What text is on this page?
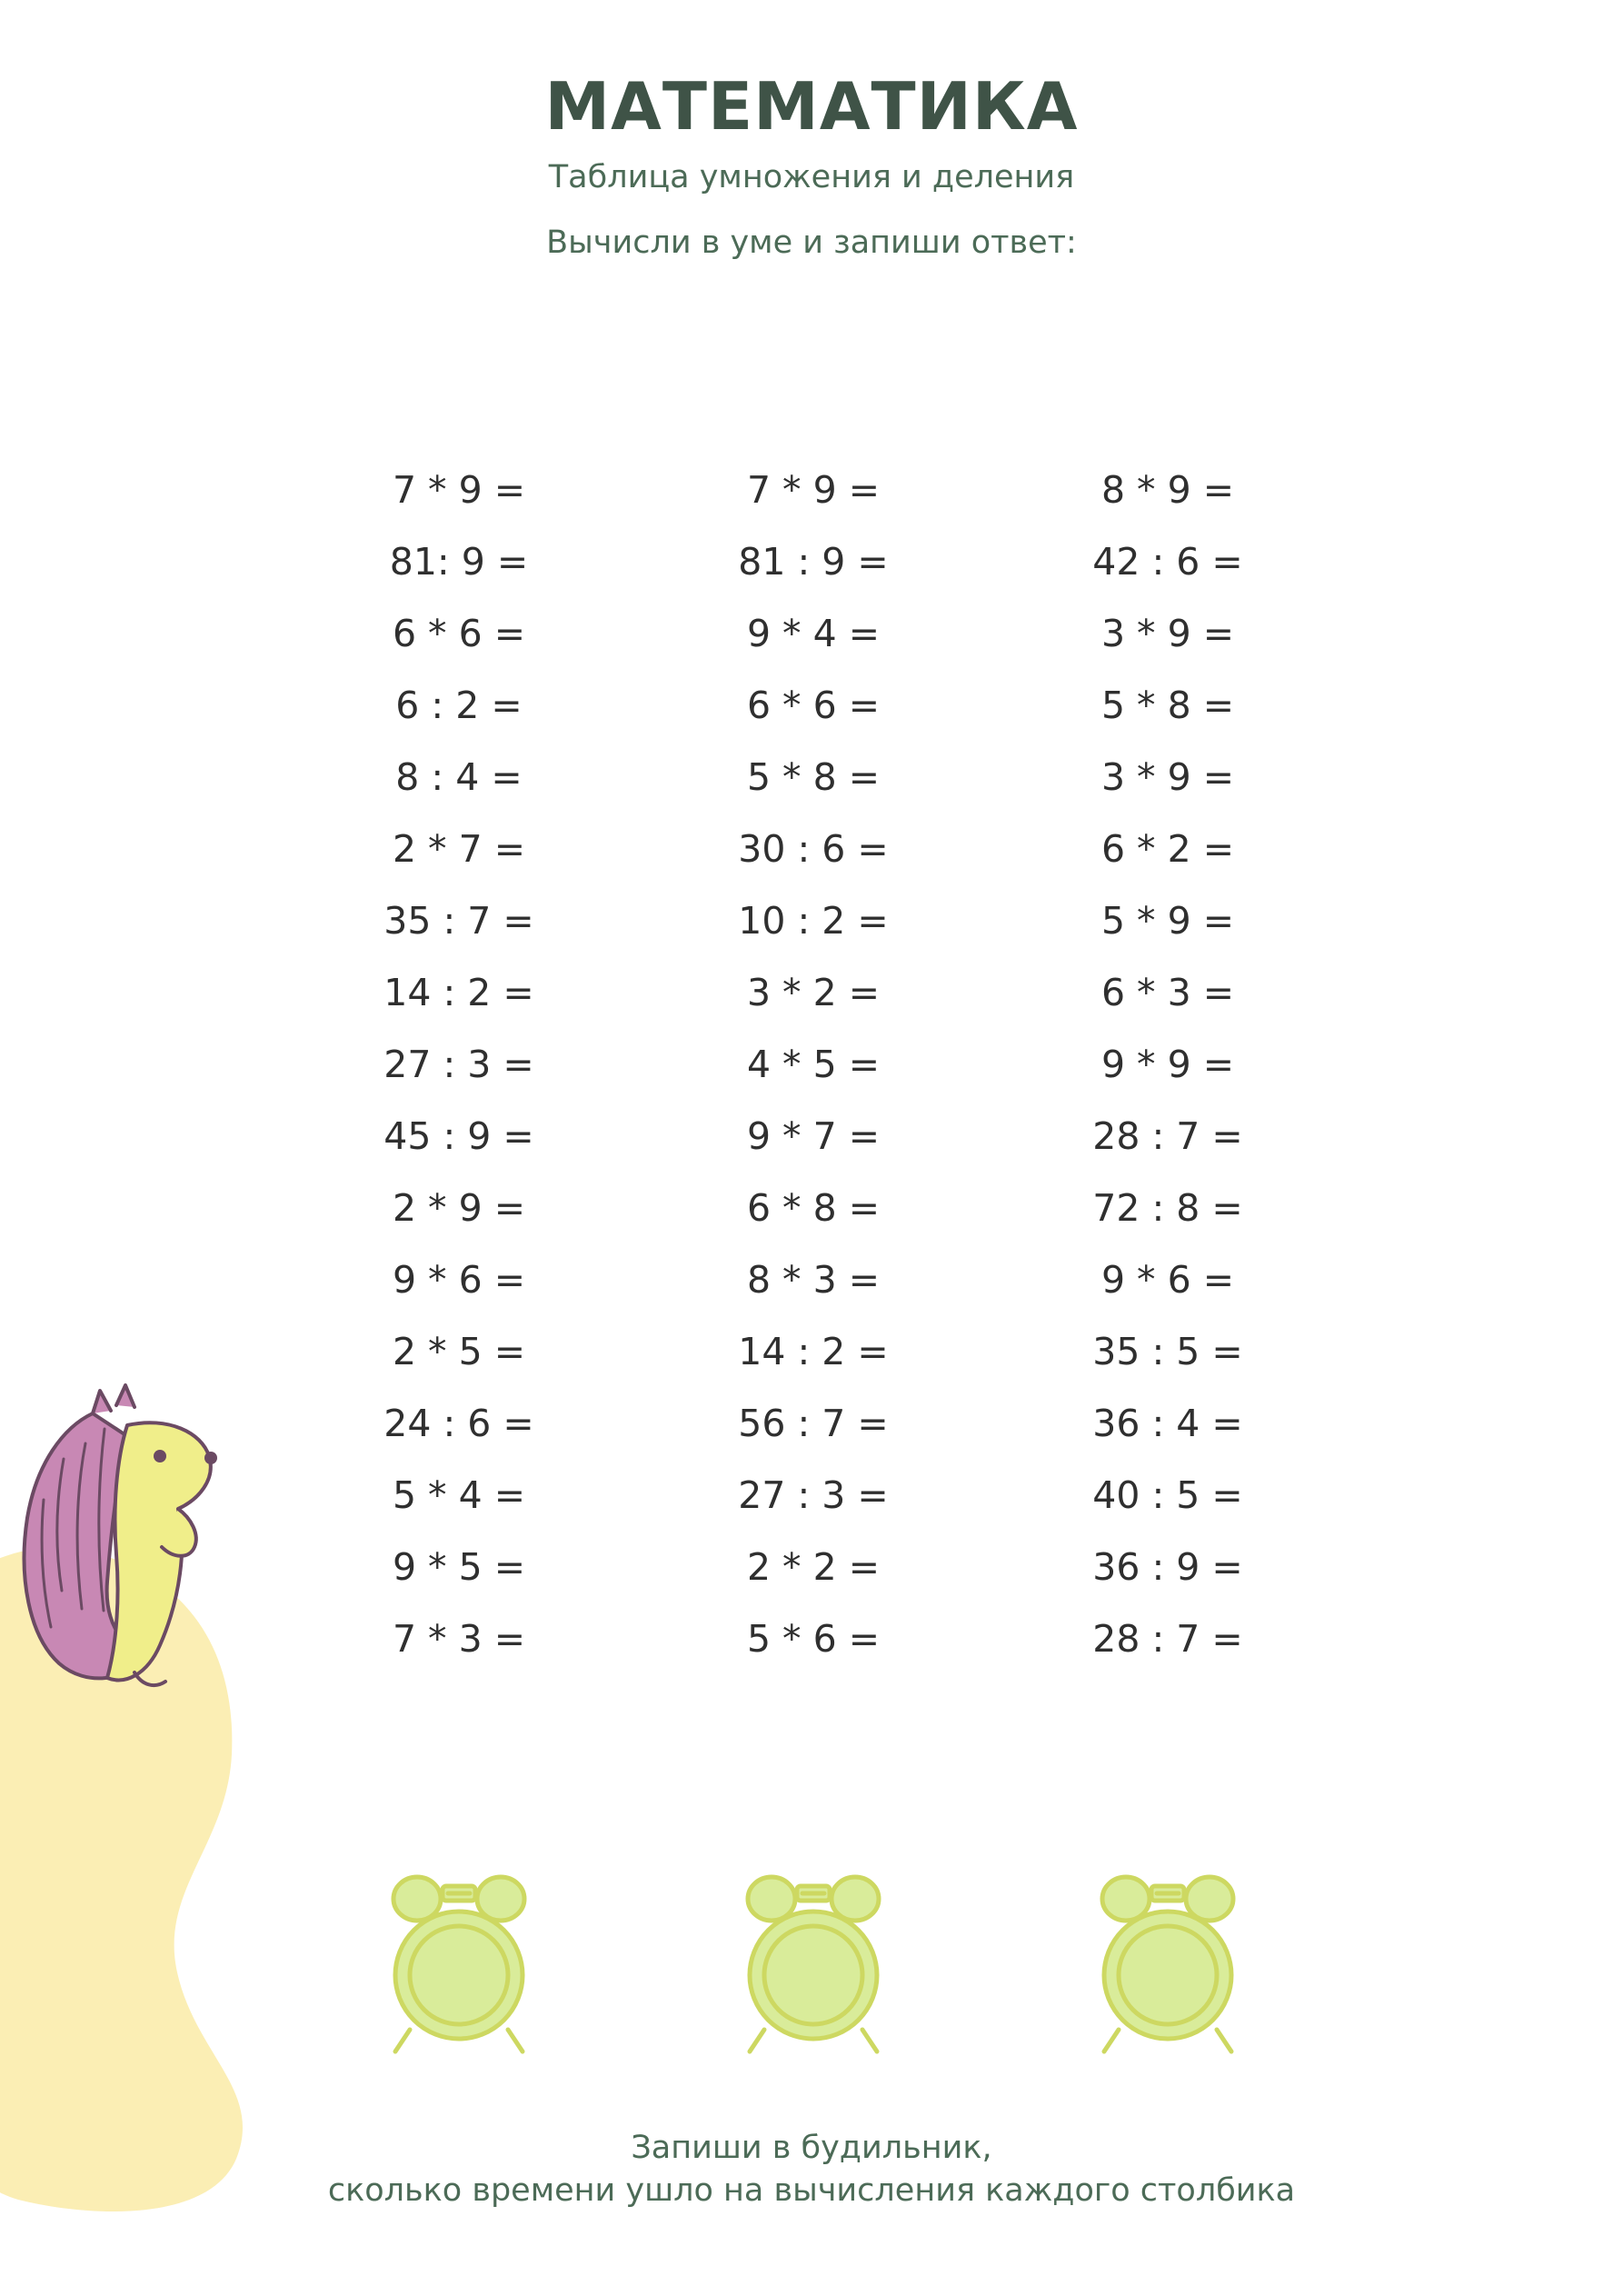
МАТЕМАТИКА
Таблица умножения и деления
Вычисли в уме и запиши ответ:
7 * 9 =
81: 9 =
6 * 6 =
6 : 2 =
8 : 4 =
2 * 7 =
35 : 7 =
14 : 2 =
27 : 3 =
45 : 9 =
2 * 9 =
9 * 6 =
2 * 5 =
24 : 6 =
5 * 4 =
9 * 5 =
7 * 3 =
7 * 9 =
81 : 9 =
9 * 4 =
6 * 6 =
5 * 8 =
30 : 6 =
10 : 2 =
3 * 2 =
4 * 5 =
9 * 7 =
6 * 8 =
8 * 3 =
14 : 2 =
56 : 7 =
27 : 3 =
2 * 2 =
5 * 6 =
8 * 9 =
42 : 6 =
3 * 9 =
5 * 8 =
3 * 9 =
6 * 2 =
5 * 9 =
6 * 3 =
9 * 9 =
28 : 7 =
72 : 8 =
9 * 6 =
35 : 5 =
36 : 4 =
40 : 5 =
36 : 9 =
28 : 7 =
Запиши в будильник,
сколько времени ушло на вычисления каждого столбика
